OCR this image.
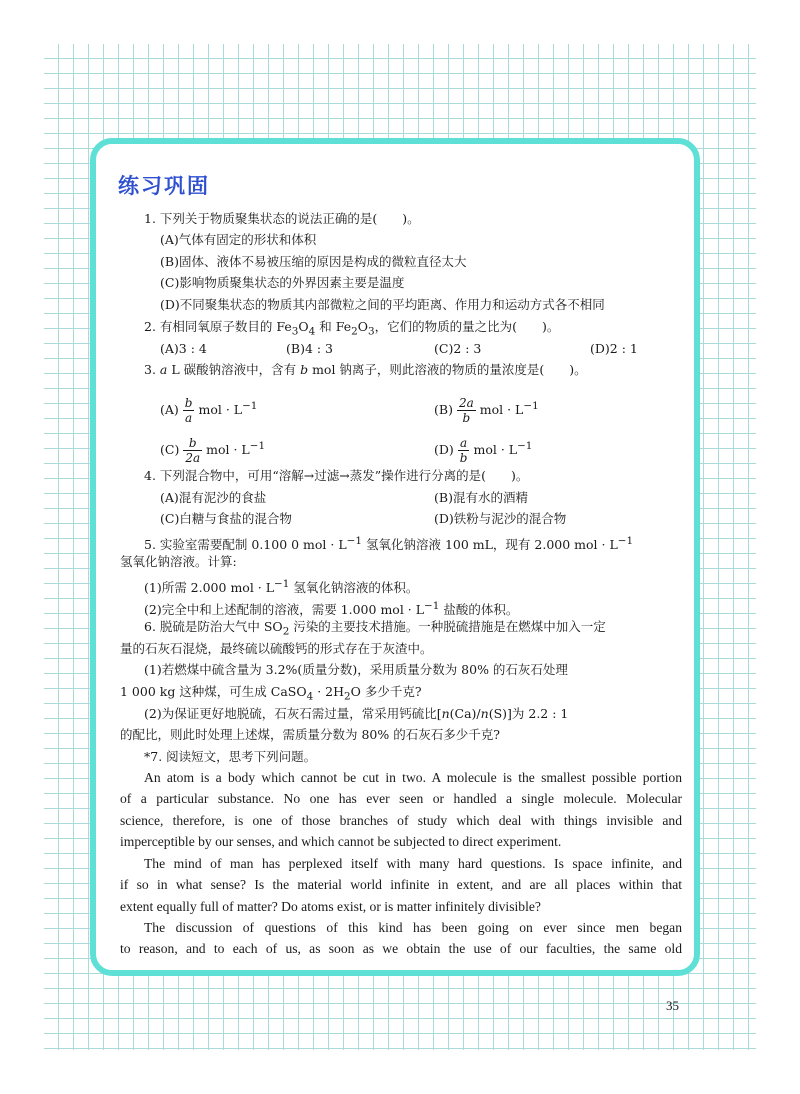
练习巩固
1. 下列关于物质聚集状态的说法正确的是(　　)。
(A)气体有固定的形状和体积
(B)固体、液体不易被压缩的原因是构成的微粒直径太大
(C)影响物质聚集状态的外界因素主要是温度
(D)不同聚集状态的物质其内部微粒之间的平均距离、作用力和运动方式各不相同
2. 有相同氧原子数目的 $Fe_3O_4$ 和 $Fe_2O_3$，它们的物质的量之比为(　　)。
(A)3 : 4	(B)4 : 3	(C)2 : 3	(D)2 : 1
3. a L 碳酸钠溶液中，含有 b mol 钠离子，则此溶液的物质的量浓度是(　　)。
$(A) \frac{b}{a}$ mol · $L^{-1}$	$(B) \frac{2a}{b}$ mol · $L^{-1}$
$(C) \frac{b}{2a}$ mol · $L^{-1}$	$(D) \frac{a}{b}$ mol · $L^{-1}$
4. 下列混合物中，可用“溶解→过滤→蒸发”操作进行分离的是(　　)。
(A)混有泥沙的食盐	(B)混有水的酒精
(C)白糖与食盐的混合物	(D)铁粉与泥沙的混合物
5. 实验室需要配制 0.100 0 mol · $L^{-1}$ 氢氧化钠溶液 100 mL，现有 2.000 mol · $L^{-1}$
氢氧化钠溶液。计算:
(1)所需 2.000 mol · $L^{-1}$ 氢氧化钠溶液的体积。
(2)完全中和上述配制的溶液，需要 1.000 mol · $L^{-1}$ 盐酸的体积。
6. 脱硫是防治大气中 $SO_2$ 污染的主要技术措施。一种脱硫措施是在燃煤中加入一定
量的石灰石混烧，最终硫以硫酸钙的形式存在于灰渣中。
(1)若燃煤中硫含量为 3.2%(质量分数)，采用质量分数为 80% 的石灰石处理
1 000 kg 这种煤，可生成 CaSO$_4$ · $2H_2O$ 多少千克?
(2)为保证更好地脱硫，石灰石需过量，常采用钙硫比[n(Ca)/n(S)]为 2.2 : 1
的配比，则此时处理上述煤，需质量分数为 80% 的石灰石多少千克?
*7. 阅读短文，思考下列问题。

An atom is a body which cannot be cut in two. A molecule is the smallest possible portion
of a particular substance. No one has ever seen or handled a single molecule. Molecular
science, therefore, is one of those branches of study which deal with things invisible and
imperceptible by our senses, and which cannot be subjected to direct experiment.

The mind of man has perplexed itself with many hard questions. Is space infinite, and
if so in what sense? Is the material world infinite in extent, and are all places within that
extent equally full of matter? Do atoms exist, or is matter infinitely divisible?

The discussion of questions of this kind has been going on ever since men began
to reason, and to each of us, as soon as we obtain the use of our faculties, the same old

35
